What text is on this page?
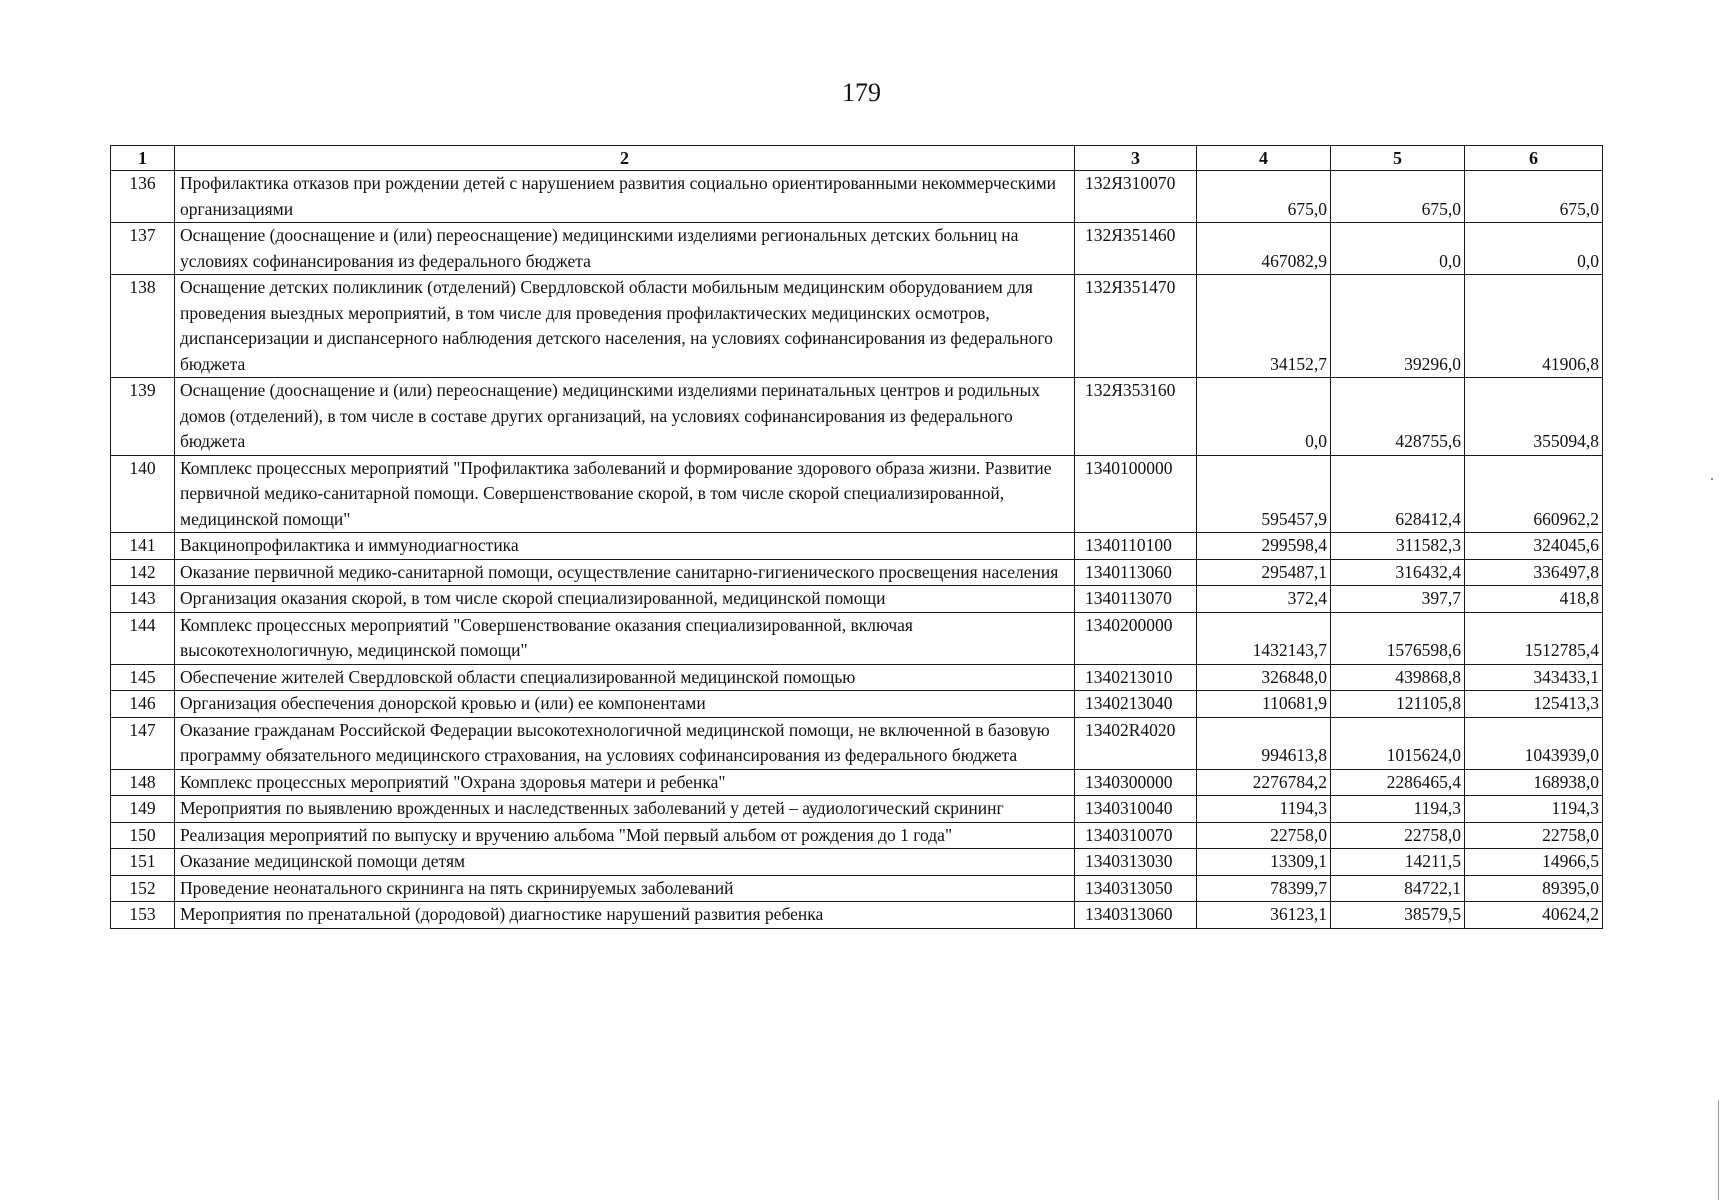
179
1	2	3	4	5	6
136	Профилактика отказов при рождении детей с нарушением развития социально ориентированными некоммерческими организациями	132Я310070	675,0	675,0	675,0
137	Оснащение (дооснащение и (или) переоснащение) медицинскими изделиями региональных детских больниц на условиях софинансирования из федерального бюджета	132Я351460	467082,9	0,0	0,0
138	Оснащение детских поликлиник (отделений) Свердловской области мобильным медицинским оборудованием для проведения выездных мероприятий, в том числе для проведения профилактических медицинских осмотров, диспансеризации и диспансерного наблюдения детского населения, на условиях софинансирования из федерального бюджета	132Я351470	34152,7	39296,0	41906,8
139	Оснащение (дооснащение и (или) переоснащение) медицинскими изделиями перинатальных центров и родильных домов (отделений), в том числе в составе других организаций, на условиях софинансирования из федерального бюджета	132Я353160	0,0	428755,6	355094,8
140	Комплекс процессных мероприятий "Профилактика заболеваний и формирование здорового образа жизни. Развитие первичной медико-санитарной помощи. Совершенствование скорой, в том числе скорой специализированной, медицинской помощи"	1340100000	595457,9	628412,4	660962,2
141	Вакцинопрофилактика и иммунодиагностика	1340110100	299598,4	311582,3	324045,6
142	Оказание первичной медико-санитарной помощи, осуществление санитарно-гигиенического просвещения населения	1340113060	295487,1	316432,4	336497,8
143	Организация оказания скорой, в том числе скорой специализированной, медицинской помощи	1340113070	372,4	397,7	418,8
144	Комплекс процессных мероприятий "Совершенствование оказания специализированной, включая высокотехнологичную, медицинской помощи"	1340200000	1432143,7	1576598,6	1512785,4
145	Обеспечение жителей Свердловской области специализированной медицинской помощью	1340213010	326848,0	439868,8	343433,1
146	Организация обеспечения донорской кровью и (или) ее компонентами	1340213040	110681,9	121105,8	125413,3
147	Оказание гражданам Российской Федерации высокотехнологичной медицинской помощи, не включенной в базовую программу обязательного медицинского страхования, на условиях софинансирования из федерального бюджета	13402R4020	994613,8	1015624,0	1043939,0
148	Комплекс процессных мероприятий "Охрана здоровья матери и ребенка"	1340300000	2276784,2	2286465,4	168938,0
149	Мероприятия по выявлению врожденных и наследственных заболеваний у детей – аудиологический скрининг	1340310040	1194,3	1194,3	1194,3
150	Реализация мероприятий по выпуску и вручению альбома "Мой первый альбом от рождения до 1 года"	1340310070	22758,0	22758,0	22758,0
151	Оказание медицинской помощи детям	1340313030	13309,1	14211,5	14966,5
152	Проведение неонатального скрининга на пять скринируемых заболеваний	1340313050	78399,7	84722,1	89395,0
153	Мероприятия по пренатальной (дородовой) диагностике нарушений развития ребенка	1340313060	36123,1	38579,5	40624,2
